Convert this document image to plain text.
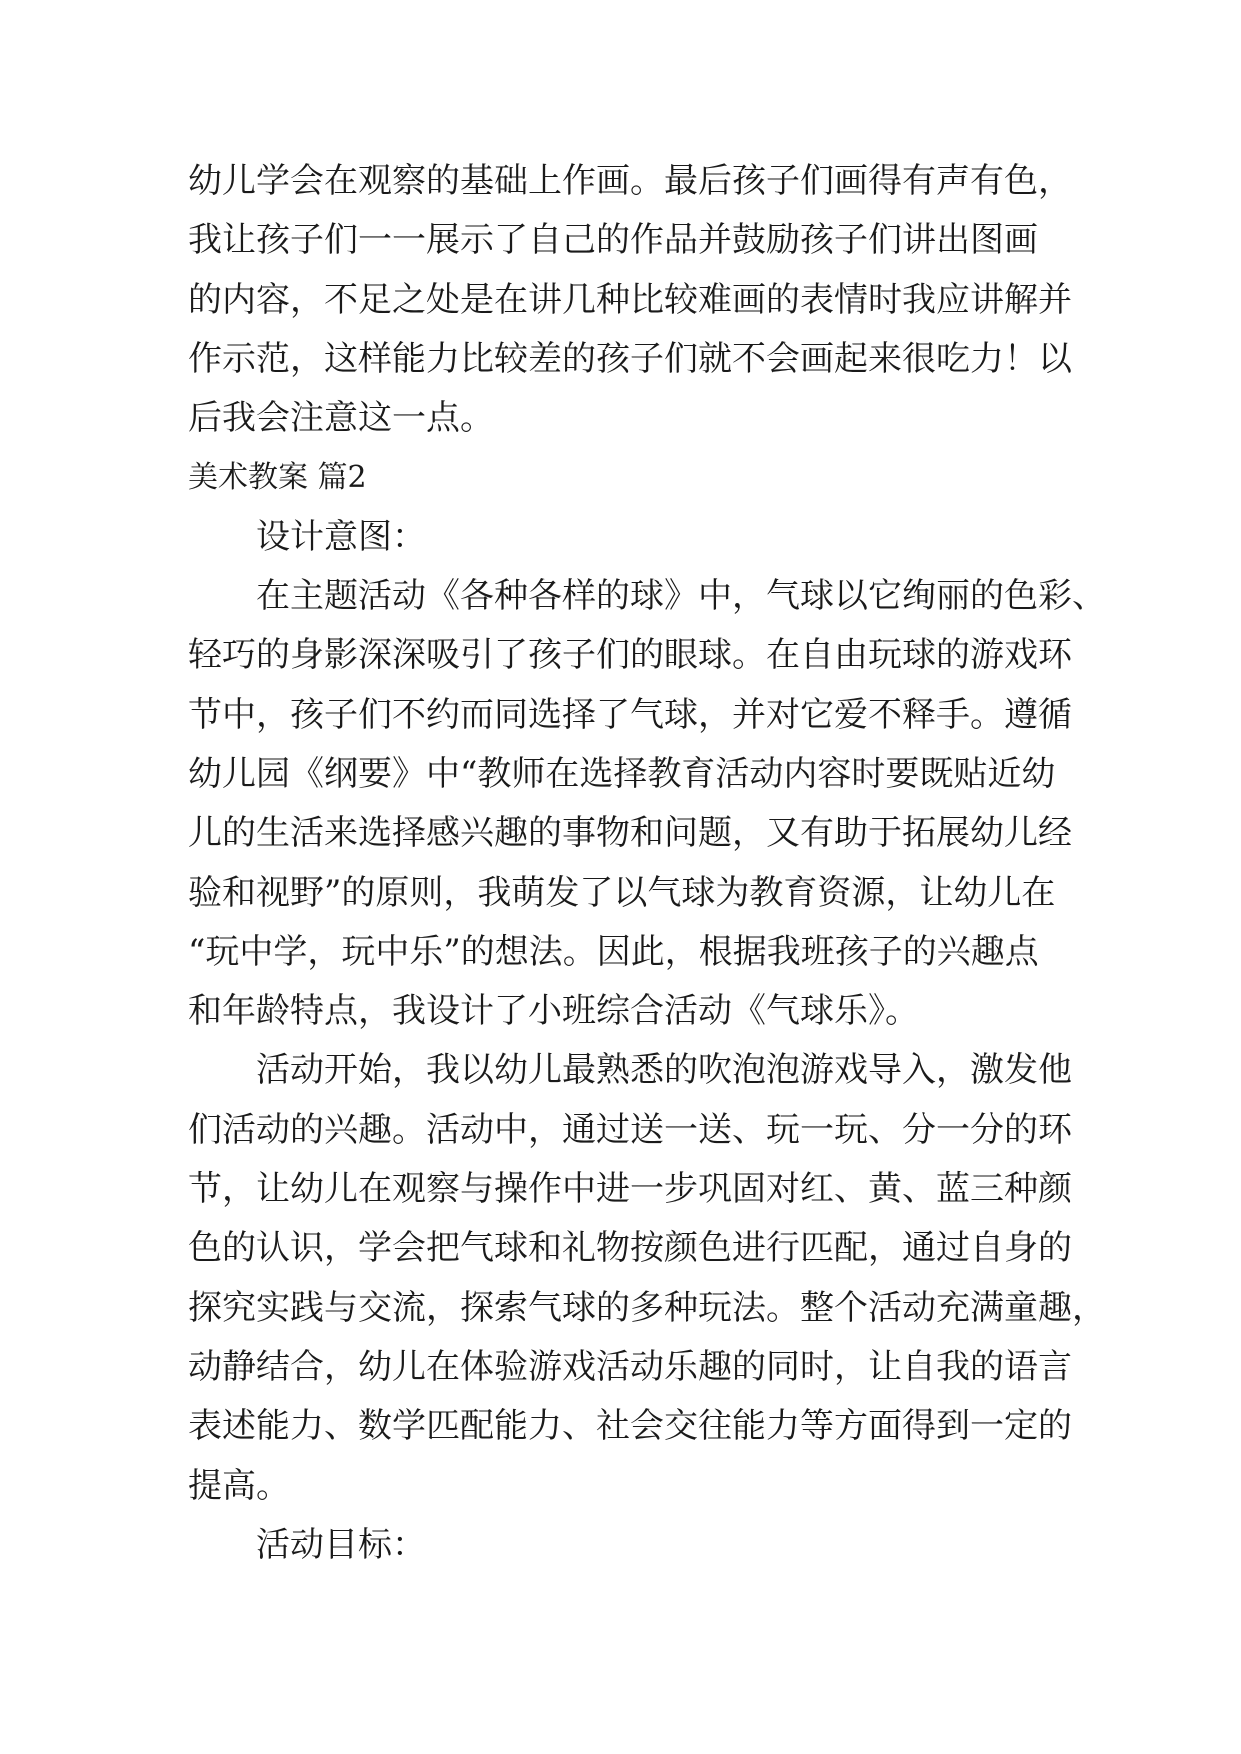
幼儿学会在观察的基础上作画。最后孩子们画得有声有色，
我让孩子们一一展示了自己的作品并鼓励孩子们讲出图画
的内容，不足之处是在讲几种比较难画的表情时我应讲解并
作示范，这样能力比较差的孩子们就不会画起来很吃力！以
后我会注意这一点。
美术教案 篇2
设计意图：
在主题活动《各种各样的球》中，气球以它绚丽的色彩、
轻巧的身影深深吸引了孩子们的眼球。在自由玩球的游戏环
节中，孩子们不约而同选择了气球，并对它爱不释手。遵循
幼儿园《纲要》中“教师在选择教育活动内容时要既贴近幼
儿的生活来选择感兴趣的事物和问题，又有助于拓展幼儿经
验和视野”的原则，我萌发了以气球为教育资源，让幼儿在
“玩中学，玩中乐”的想法。因此，根据我班孩子的兴趣点
和年龄特点，我设计了小班综合活动《气球乐》。
活动开始，我以幼儿最熟悉的吹泡泡游戏导入，激发他
们活动的兴趣。活动中，通过送一送、玩一玩、分一分的环
节，让幼儿在观察与操作中进一步巩固对红、黄、蓝三种颜
色的认识，学会把气球和礼物按颜色进行匹配，通过自身的
探究实践与交流，探索气球的多种玩法。整个活动充满童趣，
动静结合，幼儿在体验游戏活动乐趣的同时，让自我的语言
表述能力、数学匹配能力、社会交往能力等方面得到一定的
提高。
活动目标：
